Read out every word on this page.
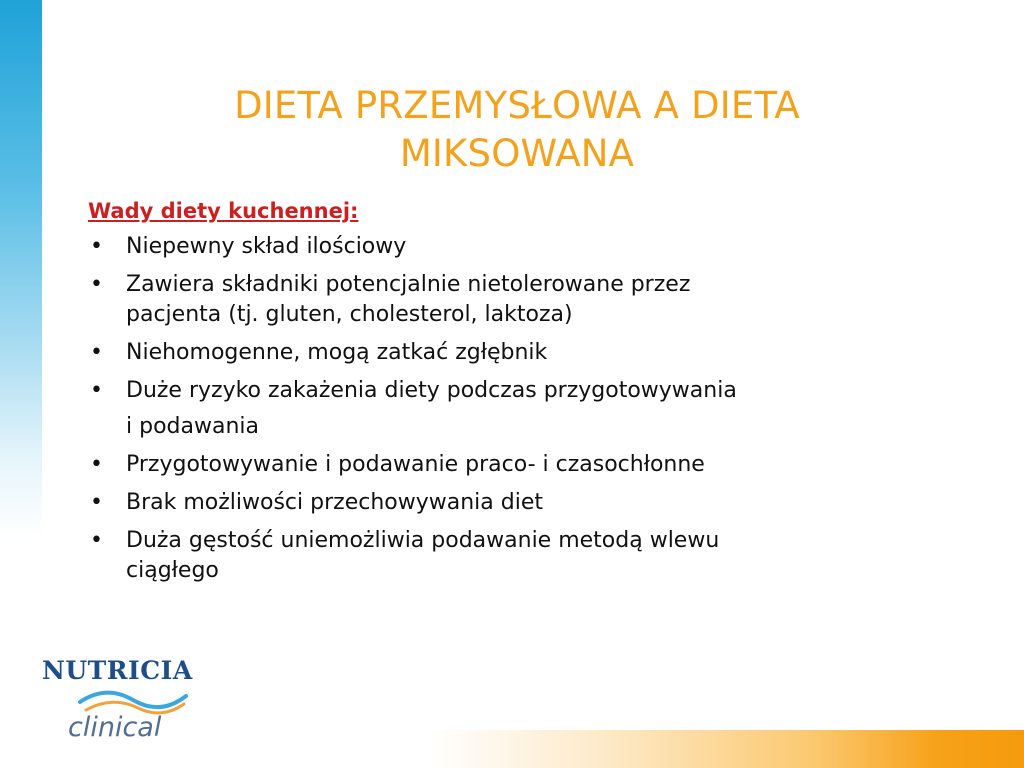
DIETA PRZEMYSŁOWA A DIETA
MIKSOWANA

Wady diety kuchennej:

• Niepewny skład ilościowy
• Zawiera składniki potencjalnie nietolerowane przez
pacjenta (tj. gluten, cholesterol, laktoza)
• Niehomogenne, mogą zatkać zgłębnik
• Duże ryzyko zakażenia diety podczas przygotowywania
i podawania
• Przygotowywanie i podawanie praco- i czasochłonne
• Brak możliwości przechowywania diet
• Duża gęstość uniemożliwia podawanie metodą wlewu
ciągłego

NUTRICIA

clinical
